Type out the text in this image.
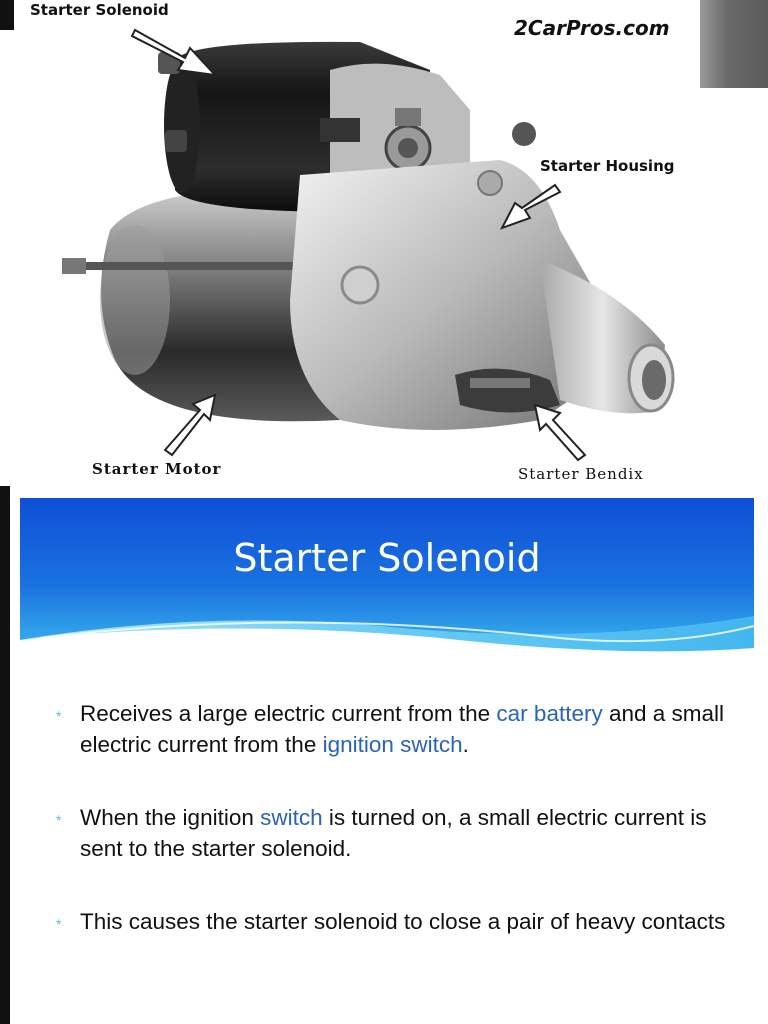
Starter Solenoid
2CarPros.com
Starter Housing
Starter Motor	Starter Bendix
Starter Solenoid
* Receives a large electric current from the car battery and a small electric current from the ignition switch.
* When the ignition switch is turned on, a small electric current is sent to the starter solenoid.
* This causes the starter solenoid to close a pair of heavy contacts
